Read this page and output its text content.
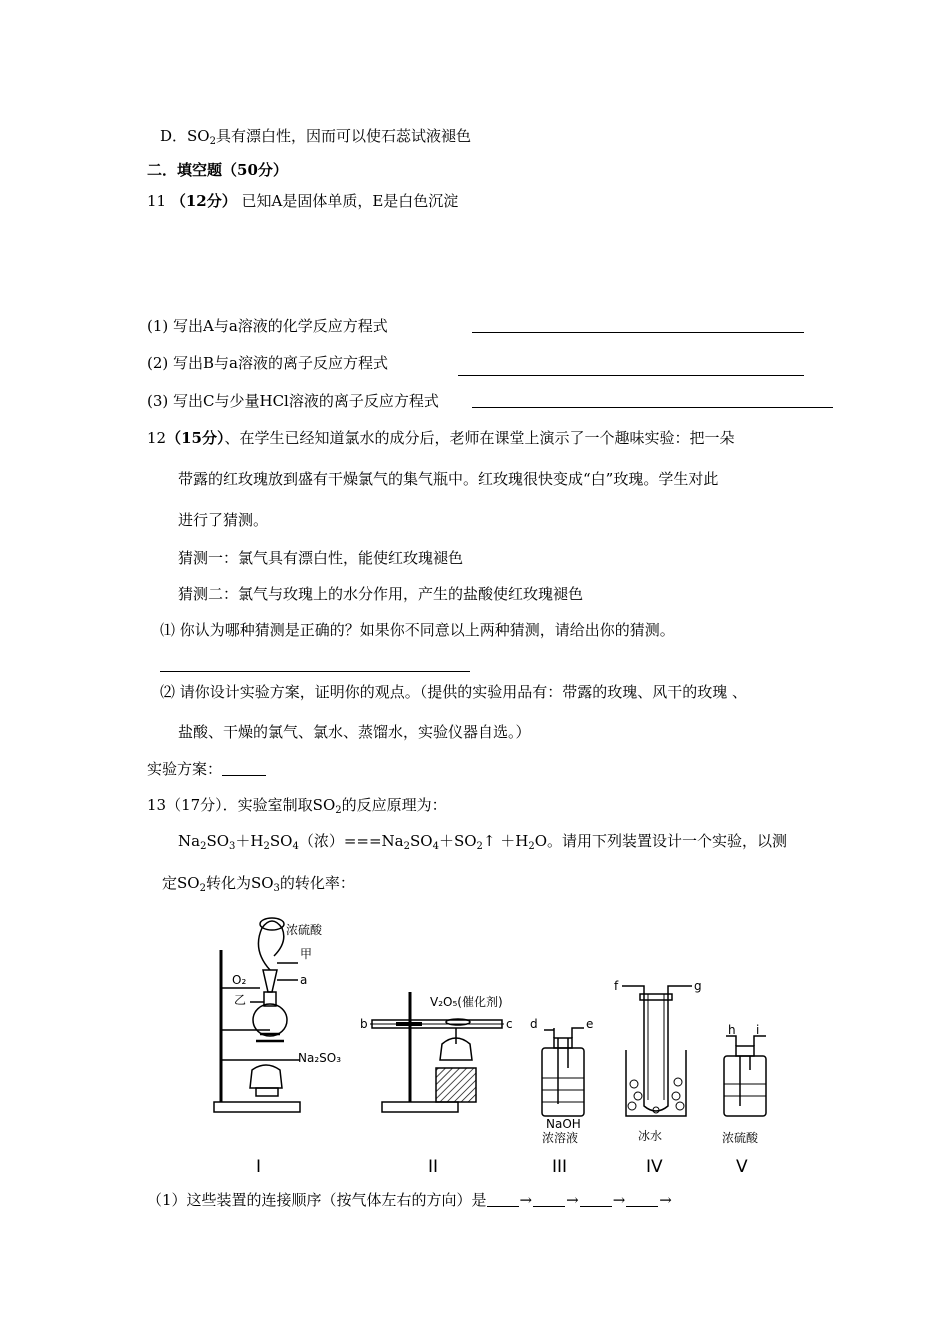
D．$SO_2$具有漂白性，因而可以使石蕊试液褪色
二．填空题（50分）
11 （12分） 已知A是固体单质，E是白色沉淀
(1) 写出A与a溶液的化学反应方程式
(2) 写出B与a溶液的离子反应方程式
(3) 写出C与少量HCl溶液的离子反应方程式
12（15分）、在学生已经知道氯水的成分后，老师在课堂上演示了一个趣味实验：把一朵
带露的红玫瑰放到盛有干燥氯气的集气瓶中。红玫瑰很快变成“白”玫瑰。学生对此
进行了猜测。
猜测一：氯气具有漂白性，能使红玫瑰褪色
猜测二：氯气与玫瑰上的水分作用，产生的盐酸使红玫瑰褪色
⑴ 你认为哪种猜测是正确的？如果你不同意以上两种猜测，请给出你的猜测。
⑵ 请你设计实验方案，证明你的观点。（提供的实验用品有：带露的玫瑰、风干的玫瑰 、
盐酸、干燥的氯气、氯水、蒸馏水，实验仪器自选。）
实验方案：
13（17分）．实验室制取$SO_2$的反应原理为：
$Na_2SO_3+H_2SO_4$（浓）$===Na_2SO_4+SO_2↑ +H_2O$。请用下列装置设计一个实验，以测
定$SO_2$转化为$SO_3$的转化率：
浓硫酸
甲
a
O₂
乙
Na₂SO₃
V₂O₅(催化剂)
b	c d	e
f	g
h i
NaOH
浓溶液	冰水	浓硫酸
I	II	III	IV	V
（1）这些装置的连接顺序（按气体左右的方向）是 → → → →
